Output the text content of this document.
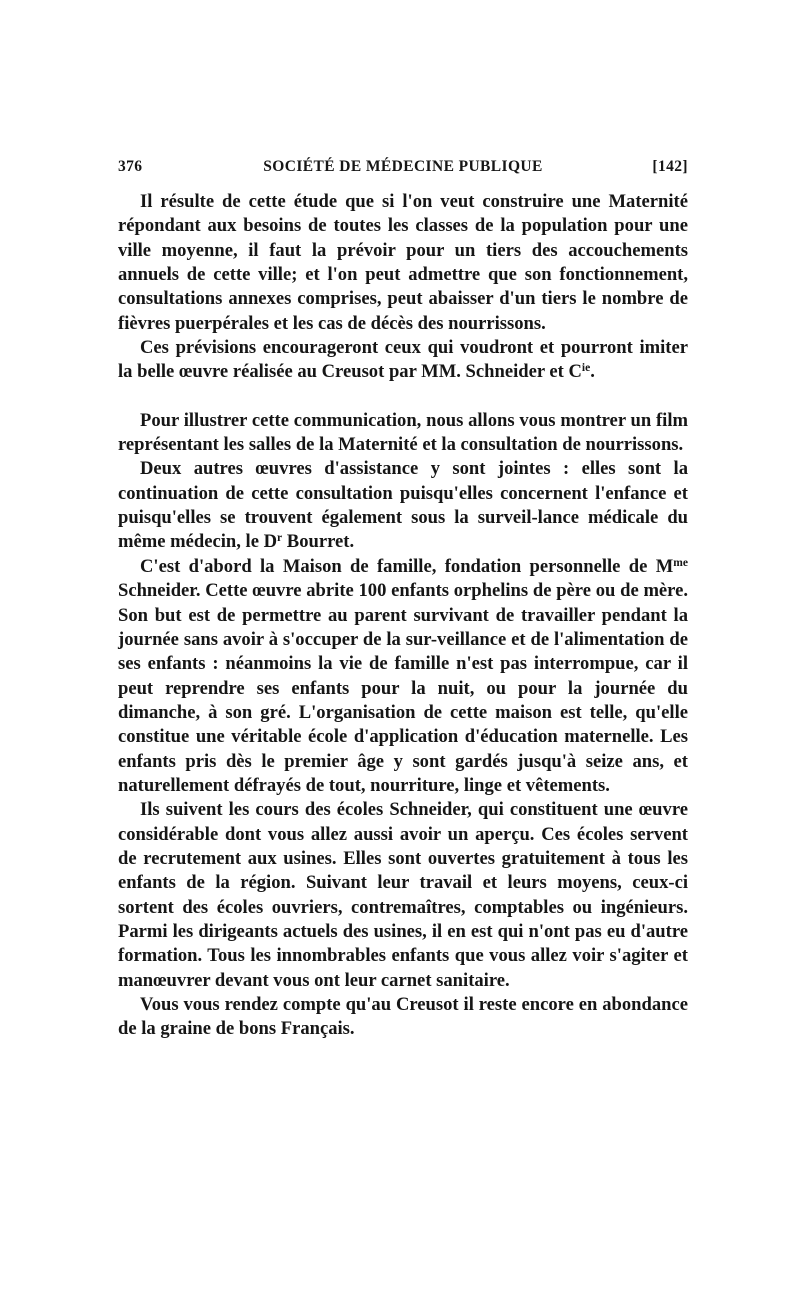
376	SOCIÉTÉ DE MÉDECINE PUBLIQUE	[142]

Il résulte de cette étude que si l'on veut construire une Maternité répondant aux besoins de toutes les classes de la population pour une ville moyenne, il faut la prévoir pour un tiers des accouchements annuels de cette ville; et l'on peut admettre que son fonctionnement, consultations annexes comprises, peut abaisser d'un tiers le nombre de fièvres puerpérales et les cas de décès des nourrissons.

Ces prévisions encourageront ceux qui voudront et pourront imiter la belle œuvre réalisée au Creusot par MM. Schneider et $C^{ie}$.

Pour illustrer cette communication, nous allons vous montrer un film représentant les salles de la Maternité et la consultation de nourrissons.

Deux autres œuvres d'assistance y sont jointes : elles sont la continuation de cette consultation puisqu'elles concernent l'enfance et puisqu'elles se trouvent également sous la surveil-lance médicale du même médecin, le $D^r$ Bourret.

C'est d'abord la Maison de famille, fondation personnelle de $M^{me}$ Schneider. Cette œuvre abrite 100 enfants orphelins de père ou de mère. Son but est de permettre au parent survivant de travailler pendant la journée sans avoir à s'occuper de la sur-veillance et de l'alimentation de ses enfants : néanmoins la vie de famille n'est pas interrompue, car il peut reprendre ses enfants pour la nuit, ou pour la journée du dimanche, à son gré. L'organisation de cette maison est telle, qu'elle constitue une véritable école d'application d'éducation maternelle. Les enfants pris dès le premier âge y sont gardés jusqu'à seize ans, et naturellement défrayés de tout, nourriture, linge et vêtements.

Ils suivent les cours des écoles Schneider, qui constituent une œuvre considérable dont vous allez aussi avoir un aperçu. Ces écoles servent de recrutement aux usines. Elles sont ouvertes gratuitement à tous les enfants de la région. Suivant leur travail et leurs moyens, ceux-ci sortent des écoles ouvriers, contremaîtres, comptables ou ingénieurs. Parmi les dirigeants actuels des usines, il en est qui n'ont pas eu d'autre formation. Tous les innombrables enfants que vous allez voir s'agiter et manœuvrer devant vous ont leur carnet sanitaire.

Vous vous rendez compte qu'au Creusot il reste encore en abondance de la graine de bons Français.
